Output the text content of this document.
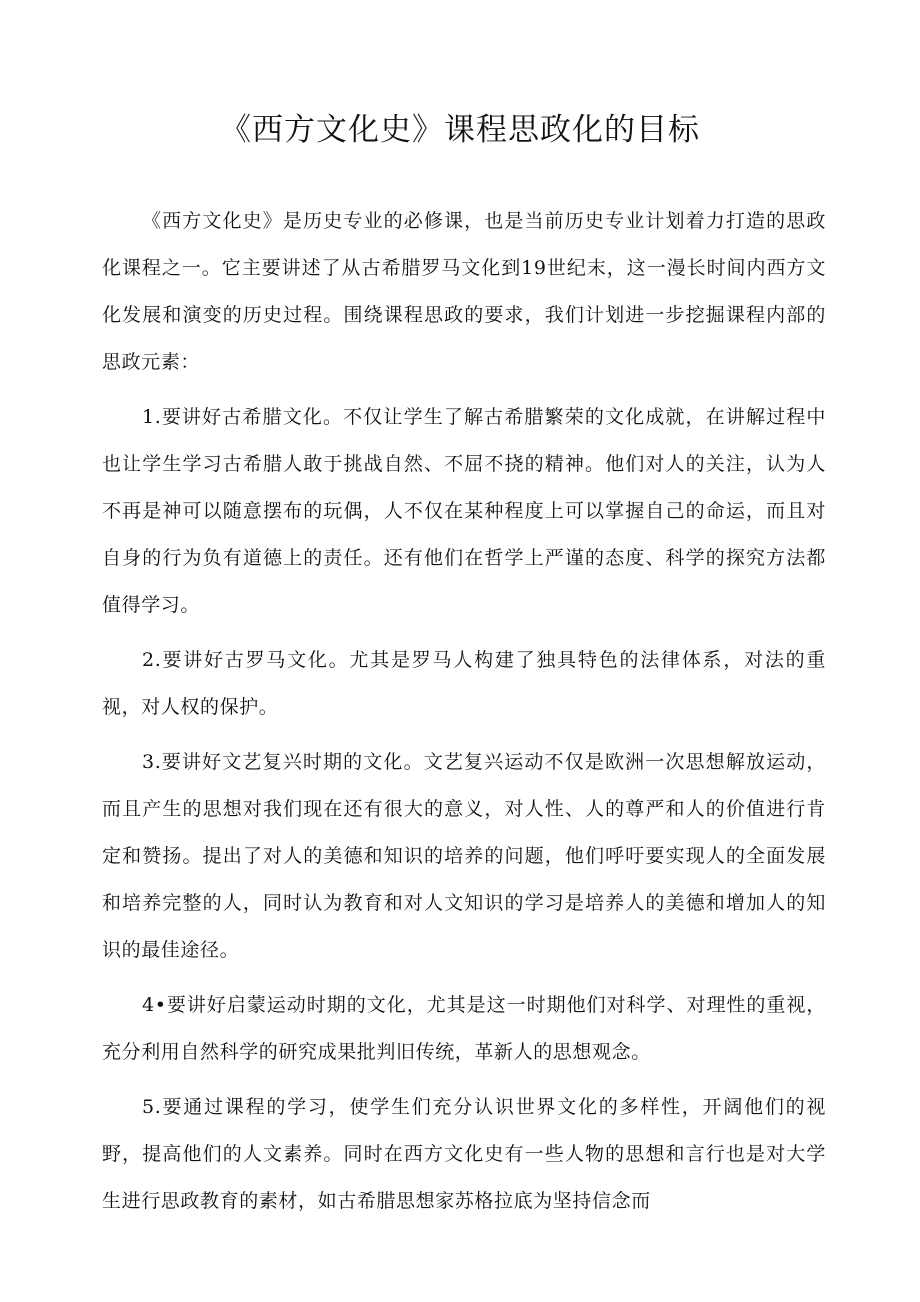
《西方文化史》课程思政化的目标

《西方文化史》是历史专业的必修课，也是当前历史专业计划着力打造的思政化课程之一。它主要讲述了从古希腊罗马文化到19世纪末，这一漫长时间内西方文化发展和演变的历史过程。围绕课程思政的要求，我们计划进一步挖掘课程内部的思政元素：

1.要讲好古希腊文化。不仅让学生了解古希腊繁荣的文化成就，在讲解过程中也让学生学习古希腊人敢于挑战自然、不屈不挠的精神。他们对人的关注，认为人不再是神可以随意摆布的玩偶，人不仅在某种程度上可以掌握自己的命运，而且对自身的行为负有道德上的责任。还有他们在哲学上严谨的态度、科学的探究方法都值得学习。

2.要讲好古罗马文化。尤其是罗马人构建了独具特色的法律体系，对法的重视，对人权的保护。

3.要讲好文艺复兴时期的文化。文艺复兴运动不仅是欧洲一次思想解放运动，而且产生的思想对我们现在还有很大的意义，对人性、人的尊严和人的价值进行肯定和赞扬。提出了对人的美德和知识的培养的问题，他们呼吁要实现人的全面发展和培养完整的人，同时认为教育和对人文知识的学习是培养人的美德和增加人的知识的最佳途径。

4•要讲好启蒙运动时期的文化，尤其是这一时期他们对科学、对理性的重视，充分利用自然科学的研究成果批判旧传统，革新人的思想观念。

5.要通过课程的学习，使学生们充分认识世界文化的多样性，开阔他们的视野，提高他们的人文素养。同时在西方文化史有一些人物的思想和言行也是对大学生进行思政教育的素材，如古希腊思想家苏格拉底为坚持信念而
